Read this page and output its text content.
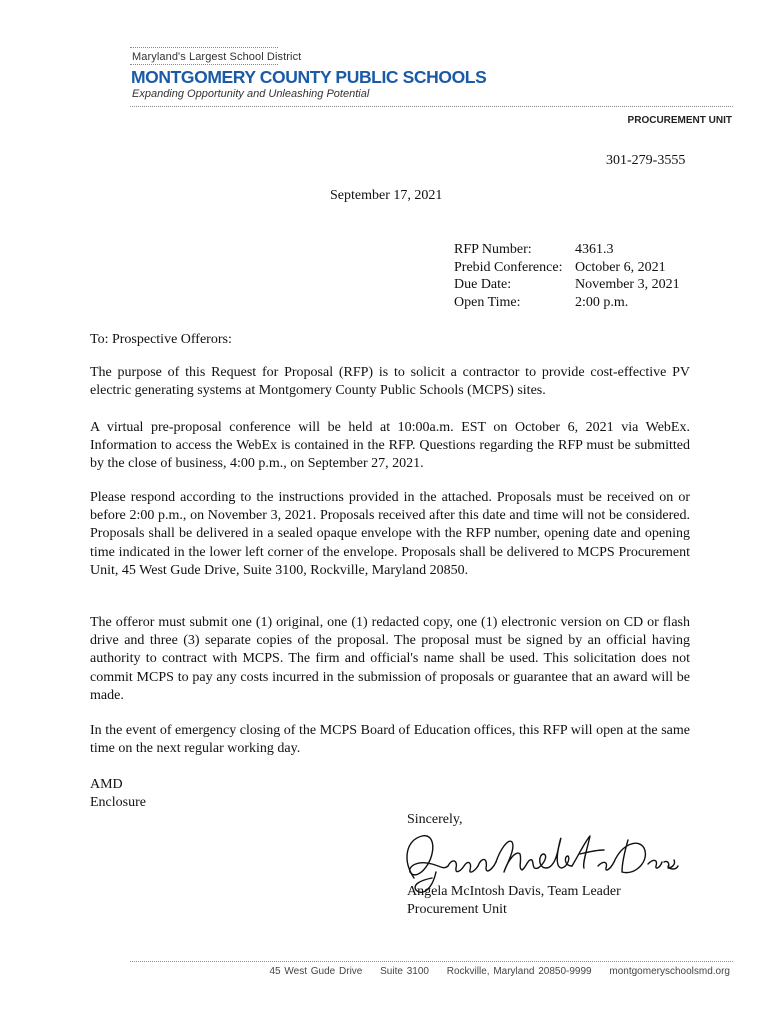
Maryland's Largest School District
MONTGOMERY COUNTY PUBLIC SCHOOLS
Expanding Opportunity and Unleashing Potential
PROCUREMENT UNIT
301-279-3555
September 17, 2021
RFP Number:	4361.3
Prebid Conference: October 6, 2021
Due Date:	November 3, 2021
Open Time:	2:00 p.m.
To: Prospective Offerors:

The purpose of this Request for Proposal (RFP) is to solicit a contractor to provide cost-effective PV electric generating systems at Montgomery County Public Schools (MCPS) sites.

A virtual pre-proposal conference will be held at 10:00a.m. EST on October 6, 2021 via WebEx. Information to access the WebEx is contained in the RFP. Questions regarding the RFP must be submitted by the close of business, 4:00 p.m., on September 27, 2021.

Please respond according to the instructions provided in the attached. Proposals must be received on or before 2:00 p.m., on November 3, 2021. Proposals received after this date and time will not be considered. Proposals shall be delivered in a sealed opaque envelope with the RFP number, opening date and opening time indicated in the lower left corner of the envelope. Proposals shall be delivered to MCPS Procurement Unit, 45 West Gude Drive, Suite 3100, Rockville, Maryland 20850.

The offeror must submit one (1) original, one (1) redacted copy, one (1) electronic version on CD or flash drive and three (3) separate copies of the proposal. The proposal must be signed by an official having authority to contract with MCPS. The firm and official's name shall be used. This solicitation does not commit MCPS to pay any costs incurred in the submission of proposals or guarantee that an award will be made.

In the event of emergency closing of the MCPS Board of Education offices, this RFP will open at the same time on the next regular working day.

AMD
Enclosure
Sincerely,
Angela McIntosh Davis, Team Leader
Procurement Unit
45 West Gude Drive Suite 3100 Rockville, Maryland 20850-9999 montgomeryschoolsmd.org
